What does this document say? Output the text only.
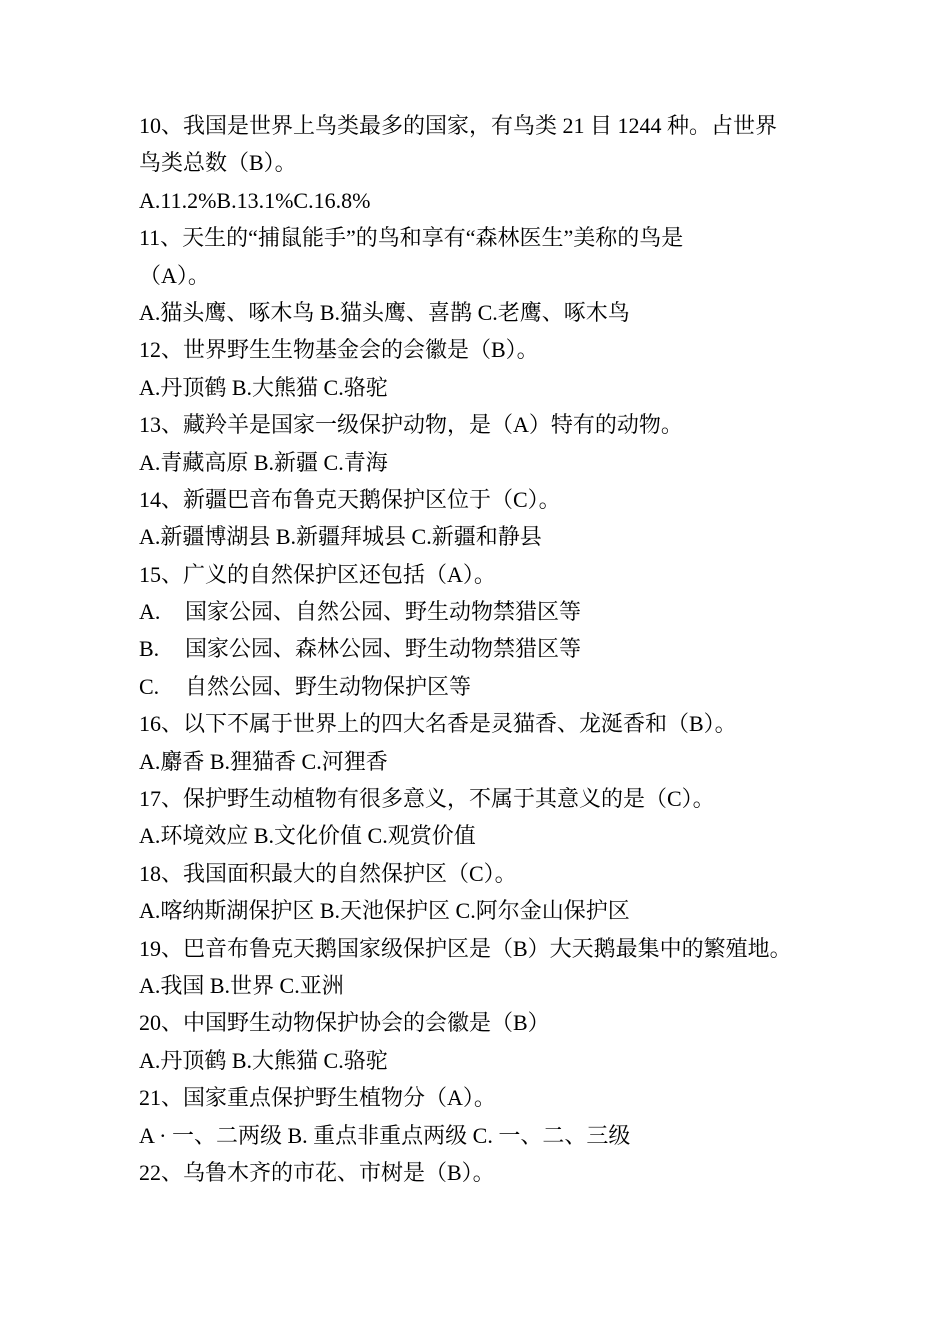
10、我国是世界上鸟类最多的国家，有鸟类 21 目 1244 种。占世界
鸟类总数（B）。
A.11.2%B.13.1%C.16.8%
11、天生的“捕鼠能手”的鸟和享有“森林医生”美称的鸟是
（A）。
A.猫头鹰、啄木鸟 B.猫头鹰、喜鹊 C.老鹰、啄木鸟
12、世界野生生物基金会的会徽是（B）。
A.丹顶鹤 B.大熊猫 C.骆驼
13、藏羚羊是国家一级保护动物，是（A）特有的动物。
A.青藏高原 B.新疆 C.青海
14、新疆巴音布鲁克天鹅保护区位于（C）。
A.新疆博湖县 B.新疆拜城县 C.新疆和静县
15、广义的自然保护区还包括（A）。
A.	国家公园、自然公园、野生动物禁猎区等
B.	国家公园、森林公园、野生动物禁猎区等
C.	自然公园、野生动物保护区等
16、以下不属于世界上的四大名香是灵猫香、龙涎香和（B）。
A.麝香 B.狸猫香 C.河狸香
17、保护野生动植物有很多意义，不属于其意义的是（C）。
A.环境效应 B.文化价值 C.观赏价值
18、我国面积最大的自然保护区（C）。
A.喀纳斯湖保护区 B.天池保护区 C.阿尔金山保护区
19、巴音布鲁克天鹅国家级保护区是（B）大天鹅最集中的繁殖地。
A.我国 B.世界 C.亚洲
20、中国野生动物保护协会的会徽是（B）
A.丹顶鹤 B.大熊猫 C.骆驼
21、国家重点保护野生植物分（A）。
A · 一、二两级 B. 重点非重点两级 C. 一、二、三级
22、乌鲁木齐的市花、市树是（B）。
